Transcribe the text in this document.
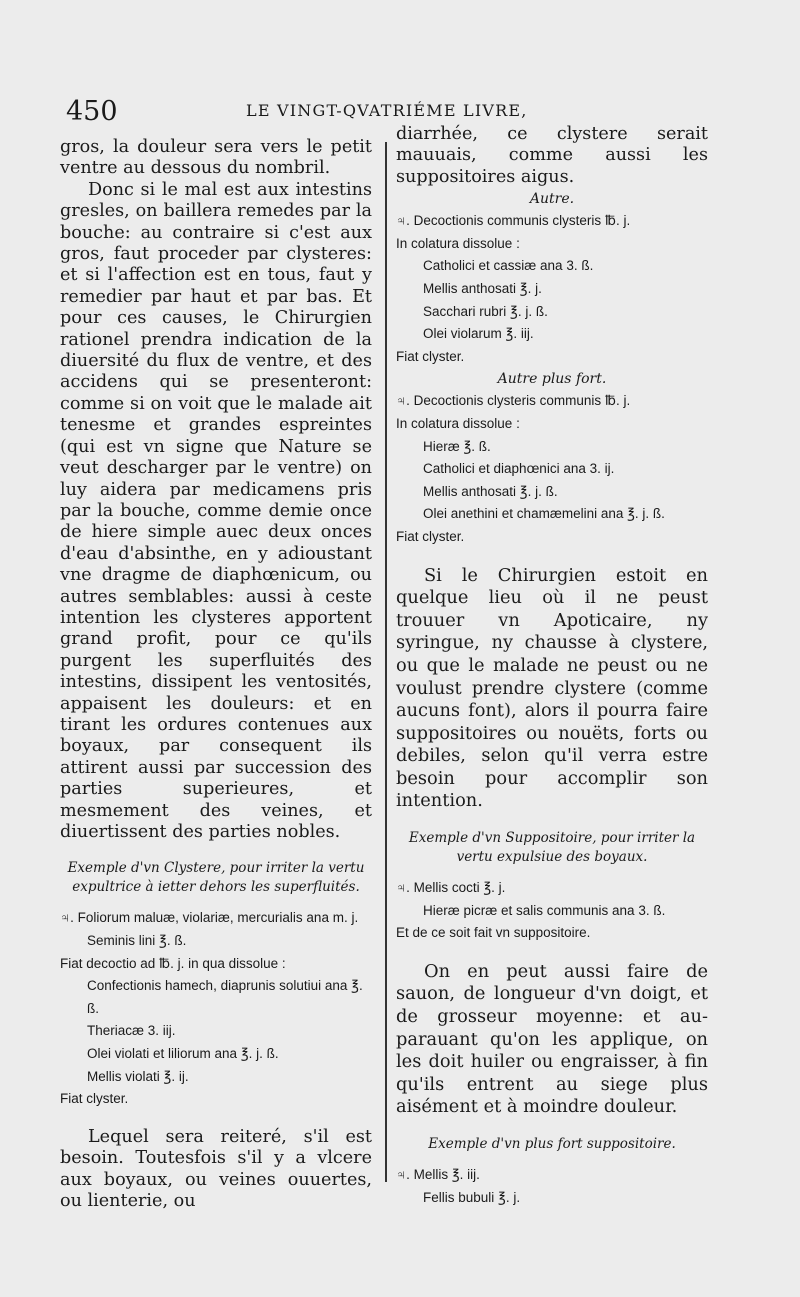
450	LE VINGT-QVATRIÉME LIVRE,

gros, la douleur sera vers le petit ventre au dessous du nombril.

Donc si le mal est aux intestins gresles, on baillera remedes par la bouche: au contraire si c'est aux gros, faut proceder par clysteres: et si l'affection est en tous, faut y remedier par haut et par bas. Et pour ces causes, le Chirurgien rationel prendra indication de la diuersité du flux de ventre, et des accidens qui se presenteront: comme si on voit que le malade ait tenesme et grandes espreintes (qui est vn signe que Nature se veut descharger par le ventre) on luy aidera par medicamens pris par la bouche, comme demie once de hiere simple auec deux onces d'eau d'absinthe, en y adioustant vne dragme de diaphœnicum, ou autres semblables: aussi à ceste intention les clysteres apportent grand profit, pour ce qu'ils purgent les superfluités des intestins, dissipent les ventosités, appaisent les douleurs: et en tirant les ordures contenues aux boyaux, par consequent ils attirent aussi par succession des parties superieures, et mesmement des veines, et diuertissent des parties nobles.

Exemple d'vn Clystere, pour irriter la vertu expultrice à ietter dehors les superfluités.

♃. Foliorum maluæ, violariæ, mercurialis ana m. j.

Seminis lini ℥. ß.

Fiat decoctio ad ℔. j. in qua dissolue :

Confectionis hamech, diaprunis solutiui ana ℥. ß.

Theriacæ 3. iij.

Olei violati et liliorum ana ℥. j. ß.

Mellis violati ℥. ij.

Fiat clyster.

Lequel sera reiteré, s'il est besoin. Toutesfois s'il y a vlcere aux boyaux, ou veines ouuertes, ou lienterie, ou

diarrhée, ce clystere serait mauuais, comme aussi les suppositoires aigus.

Autre.

♃. Decoctionis communis clysteris ℔. j.

In colatura dissolue :

Catholici et cassiæ ana 3. ß.

Mellis anthosati ℥. j.

Sacchari rubri ℥. j. ß.

Olei violarum ℥. iij.

Fiat clyster.

Autre plus fort.

♃. Decoctionis clysteris communis ℔. j.

In colatura dissolue :

Hieræ ℥. ß.

Catholici et diaphœnici ana 3. ij.

Mellis anthosati ℥. j. ß.

Olei anethini et chamæmelini ana ℥. j. ß.

Fiat clyster.

Si le Chirurgien estoit en quelque lieu où il ne peust trouuer vn Apoticaire, ny syringue, ny chausse à clystere, ou que le malade ne peust ou ne voulust prendre clystere (comme aucuns font), alors il pourra faire suppositoires ou nouëts, forts ou debiles, selon qu'il verra estre besoin pour accomplir son intention.

Exemple d'vn Suppositoire, pour irriter la vertu expulsiue des boyaux.

♃. Mellis cocti ℥. j.

Hieræ picræ et salis communis ana 3. ß.

Et de ce soit fait vn suppositoire.

On en peut aussi faire de sauon, de longueur d'vn doigt, et de grosseur moyenne: et au-parauant qu'on les applique, on les doit huiler ou engraisser, à fin qu'ils entrent au siege plus aisément et à moindre douleur.

Exemple d'vn plus fort suppositoire.

♃. Mellis ℥. iij.

Fellis bubuli ℥. j.
